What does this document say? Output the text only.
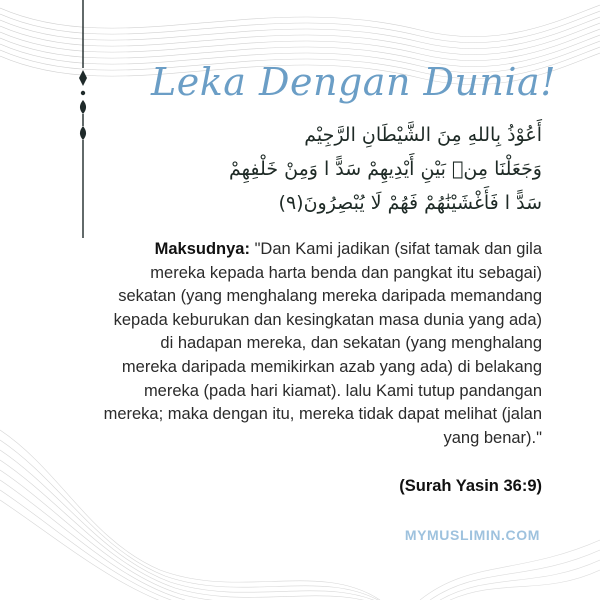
Leka Dengan Dunia!
أَعُوْذُ بِاللهِ مِنَ الشَّيْطَانِ الرَّجِيْم
وَجَعَلْنَا مِنۢ بَيْنِ أَيْدِيهِمْ سَدًّ ا وَمِنْ خَلْفِهِمْ
سَدًّ ا فَأَغْشَيْنَٰهُمْ فَهُمْ لَا يُبْصِرُونَ(٩)
Maksudnya: "Dan Kami jadikan (sifat tamak dan gila mereka kepada harta benda dan pangkat itu sebagai) sekatan (yang menghalang mereka daripada memandang kepada keburukan dan kesingkatan masa dunia yang ada) di hadapan mereka, dan sekatan (yang menghalang mereka daripada memikirkan azab yang ada) di belakang mereka (pada hari kiamat). lalu Kami tutup pandangan mereka; maka dengan itu, mereka tidak dapat melihat (jalan yang benar)."
(Surah Yasin 36:9)
MYMUSLIMIN.COM
